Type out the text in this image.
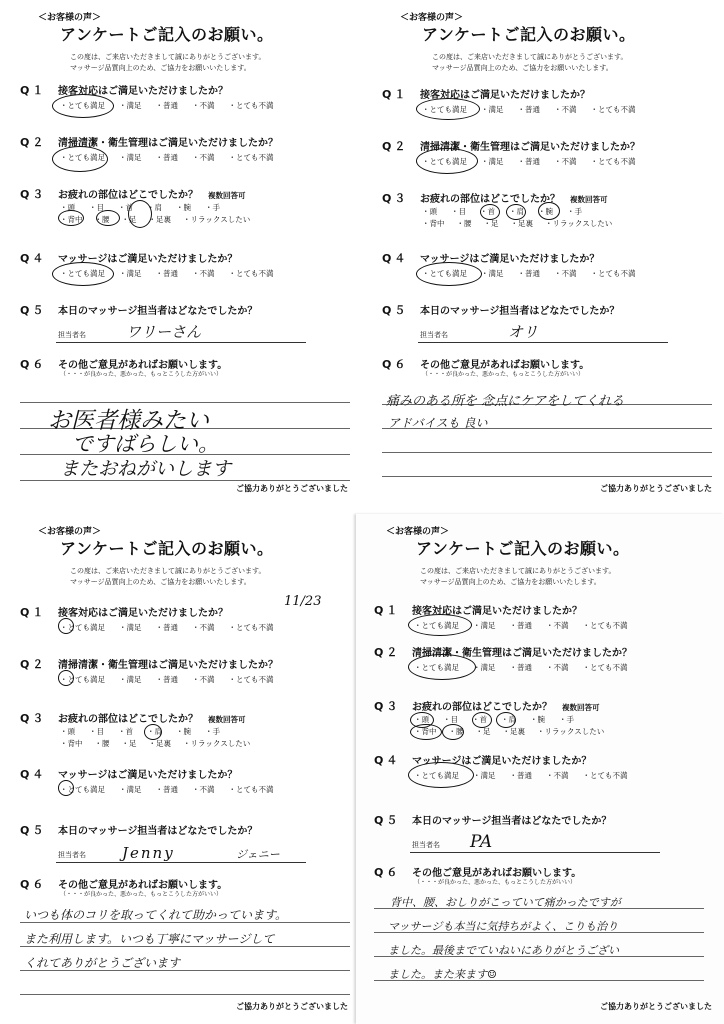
＜お客様の声＞
アンケートご記入のお願い。
この度は、ご来店いただきまして誠にありがとうございます。
マッサージ品質向上のため、ご協力をお願いいたします。
Q１ 接客対応はご満足いただけましたか？
・とても満足 ・満足 ・普通 ・不満 ・とても不満
Q２ 清掃清潔・衛生管理はご満足いただけましたか？
・とても満足 ・満足 ・普通 ・不満 ・とても不満
Q３ お疲れの部位はどこでしたか？ 複数回答可
・頭 ・目 ・首 ・肩 ・腕 ・手
・背中 ・腰 ・足 ・足裏 ・リラックスしたい
Q４ マッサージはご満足いただけましたか？
・とても満足 ・満足 ・普通 ・不満 ・とても不満
Q５ 本日のマッサージ担当者はどなたでしたか？
担当者名	ワリーさん
Q６ その他ご意見があればお願いします。
（・・・が良かった、悪かった、もっとこうした方がいい）
お医者様みたい
ですばらしい。
またおねがいします
ご協力ありがとうございました
＜お客様の声＞
アンケートご記入のお願い。
この度は、ご来店いただきまして誠にありがとうございます。
マッサージ品質向上のため、ご協力をお願いいたします。
Q１ 接客対応はご満足いただけましたか？
・とても満足 ・満足 ・普通 ・不満 ・とても不満
Q２ 清掃清潔・衛生管理はご満足いただけましたか？
・とても満足 ・満足 ・普通 ・不満 ・とても不満
Q３ お疲れの部位はどこでしたか？ 複数回答可
・頭 ・目 ・首 ・肩 ・腕 ・手
・背中 ・腰 ・足 ・足裏 ・リラックスしたい
Q４ マッサージはご満足いただけましたか？
・とても満足 ・満足 ・普通 ・不満 ・とても不満
Q５ 本日のマッサージ担当者はどなたでしたか？
担当者名	オリ
Q６ その他ご意見があればお願いします。
（・・・が良かった、悪かった、もっとこうした方がいい）
痛みのある所を 念点にケアをしてくれる
アドバイスも 良い
ご協力ありがとうございました
＜お客様の声＞
アンケートご記入のお願い。
この度は、ご来店いただきまして誠にありがとうございます。
マッサージ品質向上のため、ご協力をお願いいたします。
11/23
Q１ 接客対応はご満足いただけましたか？
・とても満足 ・満足 ・普通 ・不満 ・とても不満
Q２ 清掃清潔・衛生管理はご満足いただけましたか？
・とても満足 ・満足 ・普通 ・不満 ・とても不満
Q３ お疲れの部位はどこでしたか？ 複数回答可
・頭 ・目 ・首 ・肩 ・腕 ・手
・背中 ・腰 ・足 ・足裏 ・リラックスしたい
Q４ マッサージはご満足いただけましたか？
・とても満足 ・満足 ・普通 ・不満 ・とても不満
Q５ 本日のマッサージ担当者はどなたでしたか？
担当者名 Jenny	ジェニー
Q６ その他ご意見があればお願いします。
（・・・が良かった、悪かった、もっとこうした方がいい）
いつも体のコリを取ってくれて助かっています。
また利用します。いつも丁寧にマッサージして
くれてありがとうございます
ご協力ありがとうございました
＜お客様の声＞
アンケートご記入のお願い。
この度は、ご来店いただきまして誠にありがとうございます。
マッサージ品質向上のため、ご協力をお願いいたします。
Q１ 接客対応はご満足いただけましたか？
・とても満足 ・満足 ・普通 ・不満 ・とても不満
Q２ 清掃清潔・衛生管理はご満足いただけましたか？
・とても満足 ・満足 ・普通 ・不満 ・とても不満
Q３ お疲れの部位はどこでしたか？ 複数回答可
・頭 ・目 ・首 ・肩 ・腕 ・手
・背中 ・腰 ・足 ・足裏 ・リラックスしたい
Q４ マッサージはご満足いただけましたか？
・とても満足 ・満足 ・普通 ・不満 ・とても不満
Q５ 本日のマッサージ担当者はどなたでしたか？
担当者名 PA
Q６ その他ご意見があればお願いします。
（・・・が良かった、悪かった、もっとこうした方がいい）
背中、腰、おしりがこっていて痛かったですが
マッサージも本当に気持ちがよく、こりも治り
ました。最後までていねいにありがとうござい
ました。また来ます☺
ご協力ありがとうございました
